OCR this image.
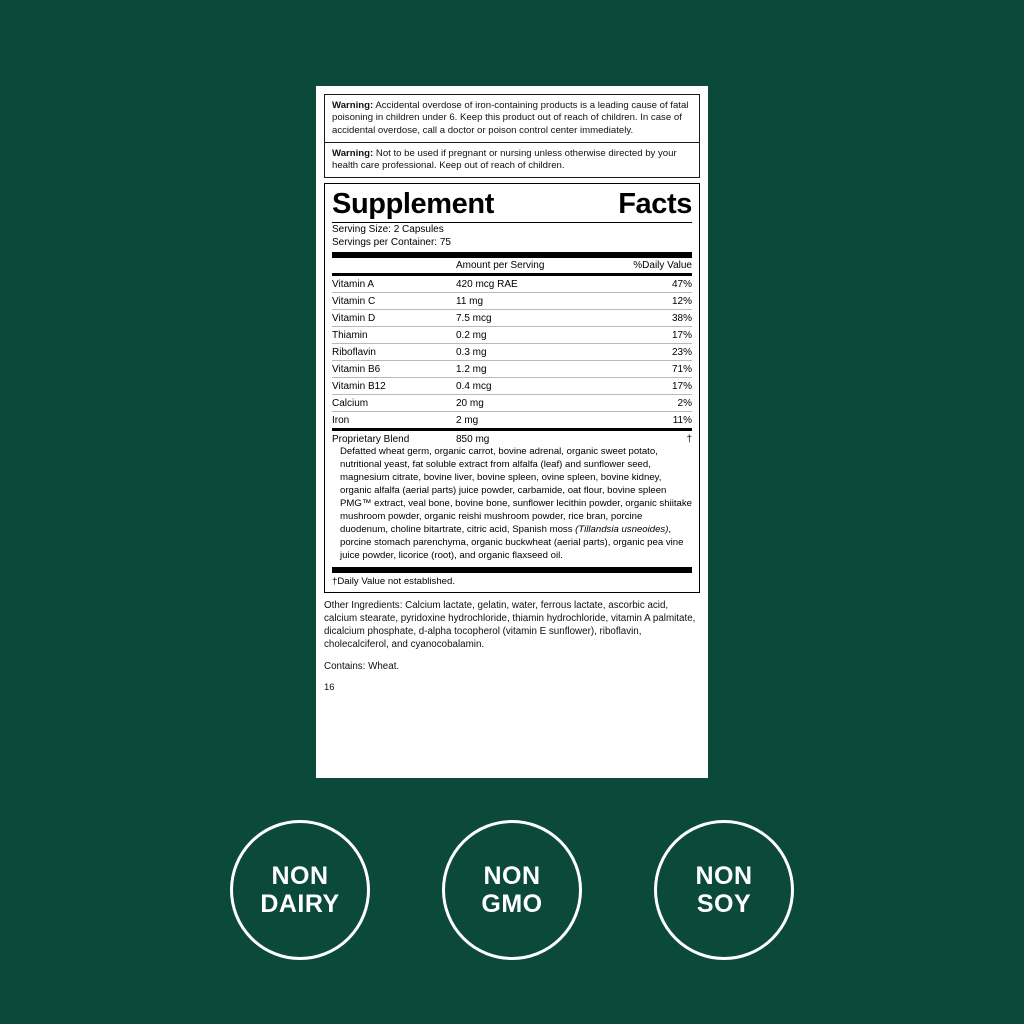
Warning: Accidental overdose of iron-containing products is a leading cause of fatal poisoning in children under 6. Keep this product out of reach of children. In case of accidental overdose, call a doctor or poison control center immediately.
Warning: Not to be used if pregnant or nursing unless otherwise directed by your health care professional. Keep out of reach of children.
Supplement	Facts
Serving Size: 2 Capsules
Servings per Container: 75
Amount per Serving	%Daily Value
Vitamin A	420 mcg RAE	47%
Vitamin C	11 mg	12%
Vitamin D	7.5 mcg	38%
Thiamin	0.2 mg	17%
Riboflavin	0.3 mg	23%
Vitamin B6	1.2 mg	71%
Vitamin B12	0.4 mcg	17%
Calcium	20 mg	2%
Iron	2 mg	11%
Proprietary Blend	850 mg	†
Defatted wheat germ, organic carrot, bovine adrenal, organic sweet potato, nutritional yeast, fat soluble extract from alfalfa (leaf) and sunflower seed, magnesium citrate, bovine liver, bovine spleen, ovine spleen, bovine kidney, organic alfalfa (aerial parts) juice powder, carbamide, oat flour, bovine spleen PMG™ extract, veal bone, bovine bone, sunflower lecithin powder, organic shiitake mushroom powder, organic reishi mushroom powder, rice bran, porcine duodenum, choline bitartrate, citric acid, Spanish moss (Tillandsia usneoides), porcine stomach parenchyma, organic buckwheat (aerial parts), organic pea vine juice powder, licorice (root), and organic flaxseed oil.
†Daily Value not established.
Other Ingredients: Calcium lactate, gelatin, water, ferrous lactate, ascorbic acid, calcium stearate, pyridoxine hydrochloride, thiamin hydrochloride, vitamin A palmitate, dicalcium phosphate, d-alpha tocopherol (vitamin E sunflower), riboflavin, cholecalciferol, and cyanocobalamin.
Contains: Wheat.
16
NON
DAIRY
NON
GMO
NON
SOY
